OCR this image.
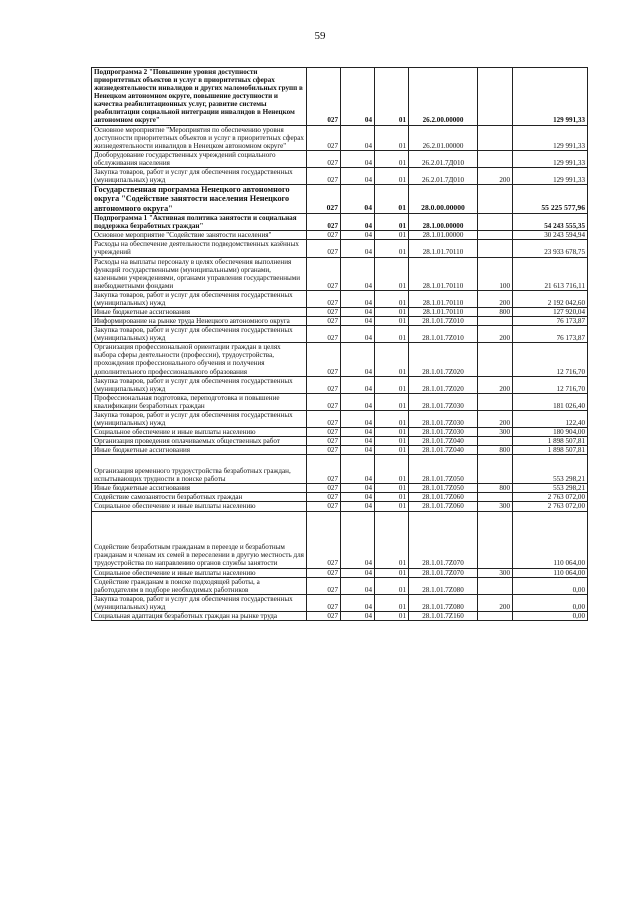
59
Подпрограмма 2 "Повышение уровня доступности приоритетных объектов и услуг в приоритетных сферах жизнедеятельности инвалидов и других маломобильных групп в Ненецком автономном округе, повышение доступности и качества реабилитационных услуг, развитие системы реабилитации социальной интеграции инвалидов в Ненецком автономном округе"	027	04	01	26.2.00.00000		129 991,33
Основное мероприятие "Мероприятия по обеспечению уровня доступности приоритетных объектов и услуг в приоритетных сферах жизнедеятельности инвалидов в Ненецком автономном округе"	027	04	01	26.2.01.00000		129 991,33
Дооборудование государственных учреждений социального обслуживания населения	027	04	01	26.2.01.7Д010		129 991,33
Закупка товаров, работ и услуг для обеспечения государственных (муниципальных) нужд	027	04	01	26.2.01.7Д010	200	129 991,33
Государственная программа Ненецкого автономного округа "Содействие занятости населения Ненецкого автономного округа"	027	04	01	28.0.00.00000		55 225 577,96
Подпрограмма 1 "Активная политика занятости и социальная поддержка безработных граждан"	027	04	01	28.1.00.00000		54 243 555,35
Основное мероприятие "Содействие занятости населения"	027	04	01	28.1.01.00000		30 243 594,94
Расходы на обеспечение деятельности подведомственных казённых учреждений	027	04	01	28.1.01.70110		23 933 678,75
Расходы на выплаты персоналу в целях обеспечения выполнения функций государственными (муниципальными) органами, казенными учреждениями, органами управления государственными внебюджетными фондами	027	04	01	28.1.01.70110	100	21 613 716,11
Закупка товаров, работ и услуг для обеспечения государственных (муниципальных) нужд	027	04	01	28.1.01.70110	200	2 192 042,60
Иные бюджетные ассигнования	027	04	01	28.1.01.70110	800	127 920,04
Информирование на рынке труда Ненецкого автономного округа	027	04	01	28.1.01.7Z010		76 173,87
Закупка товаров, работ и услуг для обеспечения государственных (муниципальных) нужд	027	04	01	28.1.01.7Z010	200	76 173,87
Организация профессиональной ориентации граждан в целях выбора сферы деятельности (профессии), трудоустройства, прохождения профессионального обучения и получения дополнительного профессионального образования	027	04	01	28.1.01.7Z020		12 716,70
Закупка товаров, работ и услуг для обеспечения государственных (муниципальных) нужд	027	04	01	28.1.01.7Z020	200	12 716,70
Профессиональная подготовка, переподготовка и повышение квалификации безработных граждан	027	04	01	28.1.01.7Z030		181 026,40
Закупка товаров, работ и услуг для обеспечения государственных (муниципальных) нужд	027	04	01	28.1.01.7Z030	200	122,40
Социальное обеспечение и иные выплаты населению	027	04	01	28.1.01.7Z030	300	180 904,00
Организация проведения оплачиваемых общественных работ	027	04	01	28.1.01.7Z040		1 898 507,81
Иные бюджетные ассигнования	027	04	01	28.1.01.7Z040	800	1 898 507,81
Организация временного трудоустройства безработных граждан, испытывающих трудности в поиске работы	027	04	01	28.1.01.7Z050		553 298,21
Иные бюджетные ассигнования	027	04	01	28.1.01.7Z050	800	553 298,21
Содействие самозанятости безработных граждан	027	04	01	28.1.01.7Z060		2 763 072,00
Социальное обеспечение и иные выплаты населению	027	04	01	28.1.01.7Z060	300	2 763 072,00
Содействие безработным гражданам в переезде и безработным гражданам и членам их семей в переселении в другую местность для трудоустройства по направлению органов службы занятости	027	04	01	28.1.01.7Z070		110 064,00
Социальное обеспечение и иные выплаты населению	027	04	01	28.1.01.7Z070	300	110 064,00
Содействие гражданам в поиске подходящей работы, а работодателям в подборе необходимых работников	027	04	01	28.1.01.7Z080		0,00
Закупка товаров, работ и услуг для обеспечения государственных (муниципальных) нужд	027	04	01	28.1.01.7Z080	200	0,00
Социальная адаптация безработных граждан на рынке труда	027	04	01	28.1.01.7Z160		0,00
